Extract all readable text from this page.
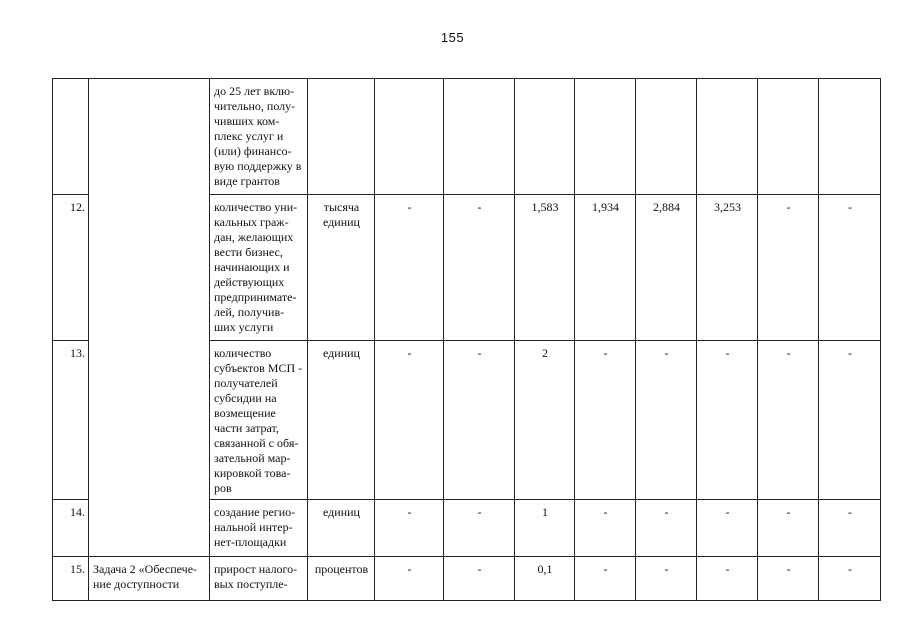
155
		до 25 лет вклю-чительно, полу-чивших ком-плекс услуг и (или) финансо-вую поддержку в виде грантов									
12.		количество уни-кальных граж-дан, желающих вести бизнес, начинающих и действующих предпринимате-лей, получив-ших услуги	тысяча единиц	-	-	1,583	1,934	2,884	3,253	-	-
13.		количество субъектов МСП - получателей субсидии на возмещение части затрат, связанной с обя-зательной мар-кировкой това-ров	единиц	-	-	2	-	-	-	-	-
14.		создание регио-нальной интер-нет-площадки	единиц	-	-	1	-	-	-	-	-
15.	Задача 2 «Обеспече-ние доступности	прирост налого-вых поступле-	процентов	-	-	0,1	-	-	-	-	-
